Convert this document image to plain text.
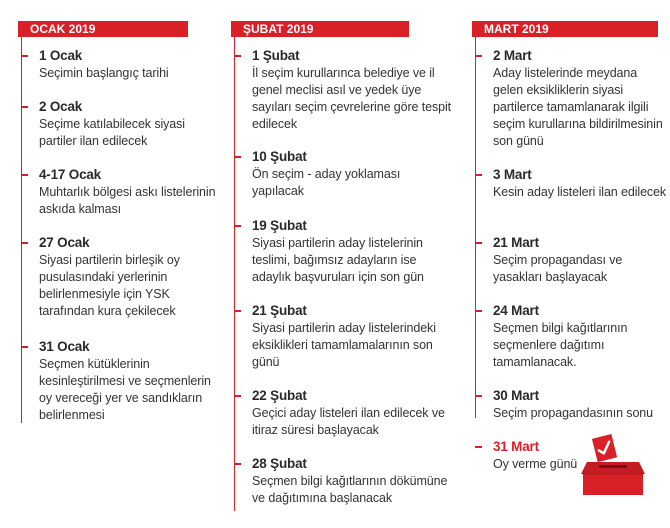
OCAK 2019
1 Ocak
Seçimin başlangıç tarihi
2 Ocak
Seçime katılabilecek siyasi partiler ilan edilecek
4-17 Ocak
Muhtarlık bölgesi askı listelerinin askıda kalması
27 Ocak
Siyasi partilerin birleşik oy pusulasındaki yerlerinin belirlenmesiyle için YSK tarafından kura çekilecek
31 Ocak
Seçmen kütüklerinin kesinleştirilmesi ve seçmenlerin oy vereceği yer ve sandıkların belirlenmesi
ŞUBAT 2019
1 Şubat
İl seçim kurullarınca belediye ve il genel meclisi asıl ve yedek üye sayıları seçim çevrelerine göre tespit edilecek
10 Şubat
Ön seçim - aday yoklaması yapılacak
19 Şubat
Siyasi partilerin aday listelerinin teslimi, bağımsız adayların ise adaylık başvuruları için son gün
21 Şubat
Siyasi partilerin aday listelerindeki eksiklikleri tamamlamalarının son günü
22 Şubat
Geçici aday listeleri ilan edilecek ve itiraz süresi başlayacak
28 Şubat
Seçmen bilgi kağıtlarının dökümüne ve dağıtımına başlanacak
MART 2019
2 Mart
Aday listelerinde meydana gelen eksikliklerin siyasi partilerce tamamlanarak ilgili seçim kurullarına bildirilmesinin son günü
3 Mart
Kesin aday listeleri ilan edilecek
21 Mart
Seçim propagandası ve yasakları başlayacak
24 Mart
Seçmen bilgi kağıtlarının seçmenlere dağıtımı tamamlanacak.
30 Mart
Seçim propagandasının sonu
31 Mart
Oy verme günü
